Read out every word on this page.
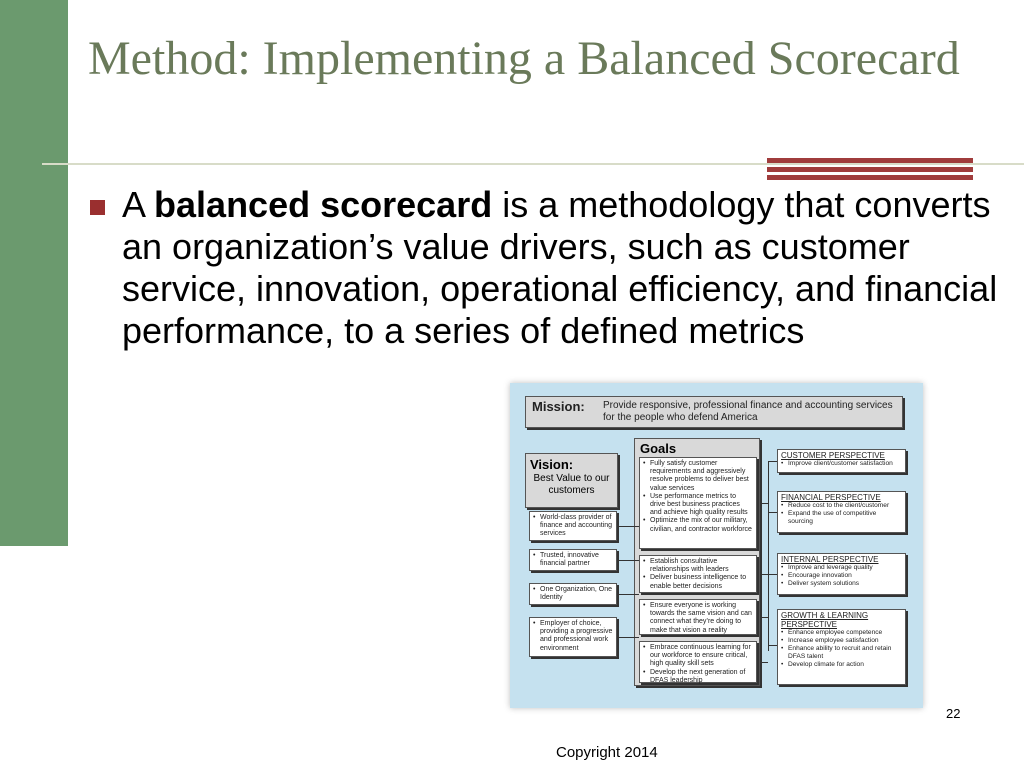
Method: Implementing a Balanced Scorecard

A balanced scorecard is a methodology that converts an organization’s value drivers, such as customer service, innovation, operational efficiency, and financial performance, to a series of defined metrics

Mission:	Provide responsive, professional finance and accounting services for the people who defend America
Vision:
Best Value to our customers
• World-class provider of finance and accounting services
• Trusted, innovative financial partner
• One Organization, One Identity
• Employer of choice, providing a progressive and professional work environment
Goals
• Fully satisfy customer requirements and aggressively resolve problems to deliver best value services
• Use performance metrics to drive best business practices and achieve high quality results
• Optimize the mix of our military, civilian, and contractor workforce
• Establish consultative relationships with leaders
• Deliver business intelligence to enable better decisions
• Ensure everyone is working towards the same vision and can connect what they’re doing to make that vision a reality
• Embrace continuous learning for our workforce to ensure critical, high quality skill sets
• Develop the next generation of DFAS leadership
CUSTOMER PERSPECTIVE
• Improve client/customer satisfaction
FINANCIAL PERSPECTIVE
• Reduce cost to the client/customer
• Expand the use of competitive sourcing
INTERNAL PERSPECTIVE
• Improve and leverage quality
• Encourage innovation
• Deliver system solutions
GROWTH & LEARNING PERSPECTIVE
• Enhance employee competence
• Increase employee satisfaction
• Enhance ability to recruit and retain DFAS talent
• Develop climate for action
22
Copyright 2014
